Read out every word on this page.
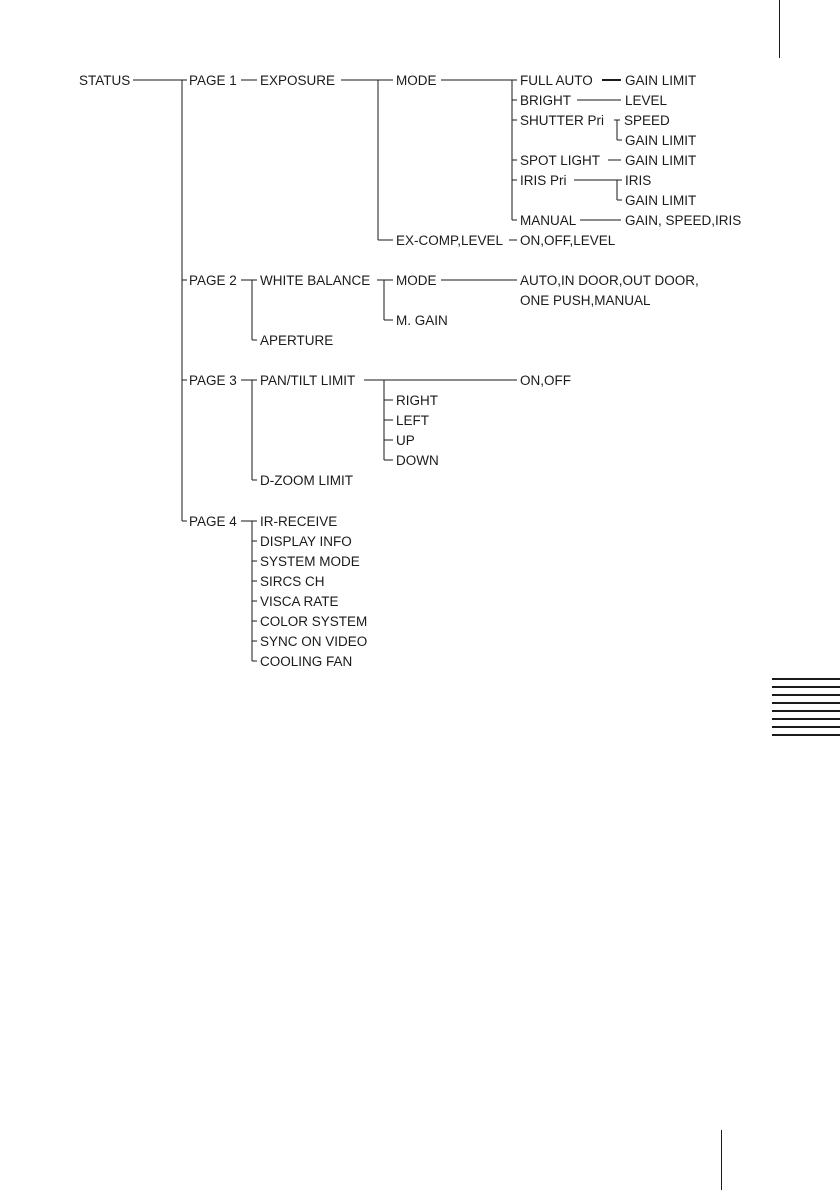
STATUS	PAGE 1 EXPOSURE	MODE	FULL AUTO GAIN LIMIT
BRIGHT	LEVEL
SHUTTER Pri SPEED
GAIN LIMIT
SPOT LIGHT GAIN LIMIT
IRIS Pri	IRIS
GAIN LIMIT
MANUAL	GAIN, SPEED,IRIS
EX-COMP,LEVEL ON,OFF,LEVEL
PAGE 2 WHITE BALANCE MODE	AUTO,IN DOOR,OUT DOOR,
ONE PUSH,MANUAL
M. GAIN
APERTURE
PAGE 3 PAN/TILT LIMIT	ON,OFF
RIGHT
LEFT
UP
DOWN
D-ZOOM LIMIT
PAGE 4 IR-RECEIVE
DISPLAY INFO
SYSTEM MODE
SIRCS CH
VISCA RATE
COLOR SYSTEM
SYNC ON VIDEO
COOLING FAN
